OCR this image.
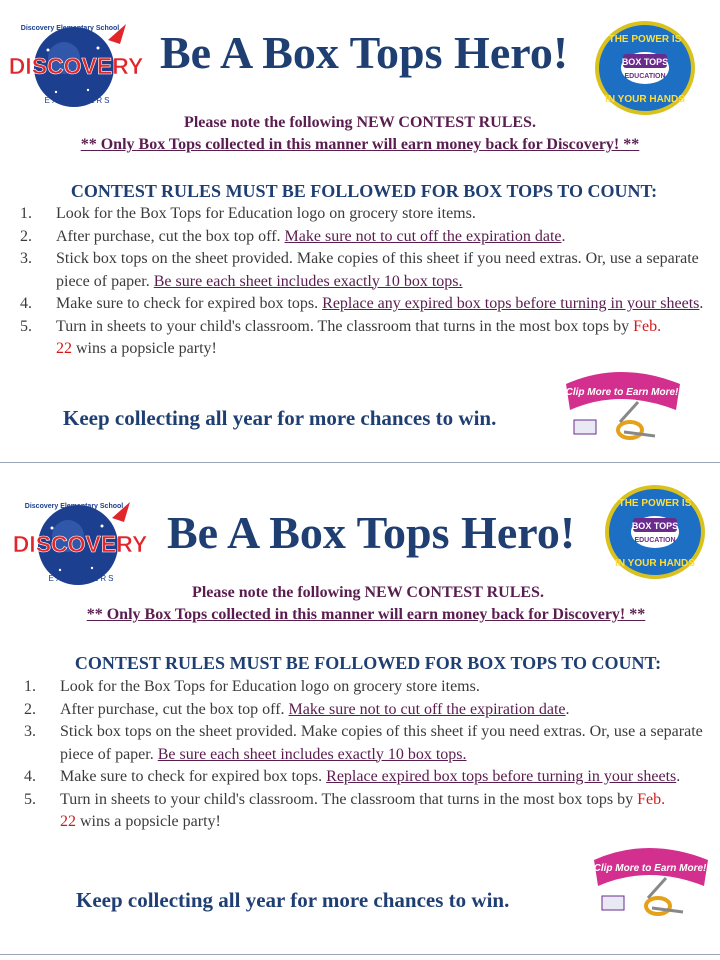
Discovery Elementary School
DISCOVERY
EXPLORERS
Be A Box Tops Hero!	BOX TOPS
EDUCATION
THE POWER IS
IN YOUR HANDS
Please note the following NEW CONTEST RULES.
** Only Box Tops collected in this manner will earn money back for Discovery! **
CONTEST RULES MUST BE FOLLOWED FOR BOX TOPS TO COUNT:
1. Look for the Box Tops for Education logo on grocery store items.
2. After purchase, cut the box top off. Make sure not to cut off the expiration date.
3. Stick box tops on the sheet provided. Make copies of this sheet if you need extras. Or, use a separate piece of paper. Be sure each sheet includes exactly 10 box tops.
4. Make sure to check for expired box tops. Replace any expired box tops before turning in your sheets.
5. Turn in sheets to your child's classroom. The classroom that turns in the most box tops by Feb. 22 wins a popsicle party!
Keep collecting all year for more chances to win.
Clip More to Earn More!
Discovery Elementary School
DISCOVERY
EXPLORERS
Be A Box Tops Hero!	BOX TOPS
EDUCATION
THE POWER IS
IN YOUR HANDS
Please note the following NEW CONTEST RULES.
** Only Box Tops collected in this manner will earn money back for Discovery! **
CONTEST RULES MUST BE FOLLOWED FOR BOX TOPS TO COUNT:
1. Look for the Box Tops for Education logo on grocery store items.
2. After purchase, cut the box top off. Make sure not to cut off the expiration date.
3. Stick box tops on the sheet provided. Make copies of this sheet if you need extras. Or, use a separate piece of paper. Be sure each sheet includes exactly 10 box tops.
4. Make sure to check for expired box tops. Replace expired box tops before turning in your sheets.
5. Turn in sheets to your child's classroom. The classroom that turns in the most box tops by Feb. 22 wins a popsicle party!
Keep collecting all year for more chances to win.
Clip More to Earn More!
